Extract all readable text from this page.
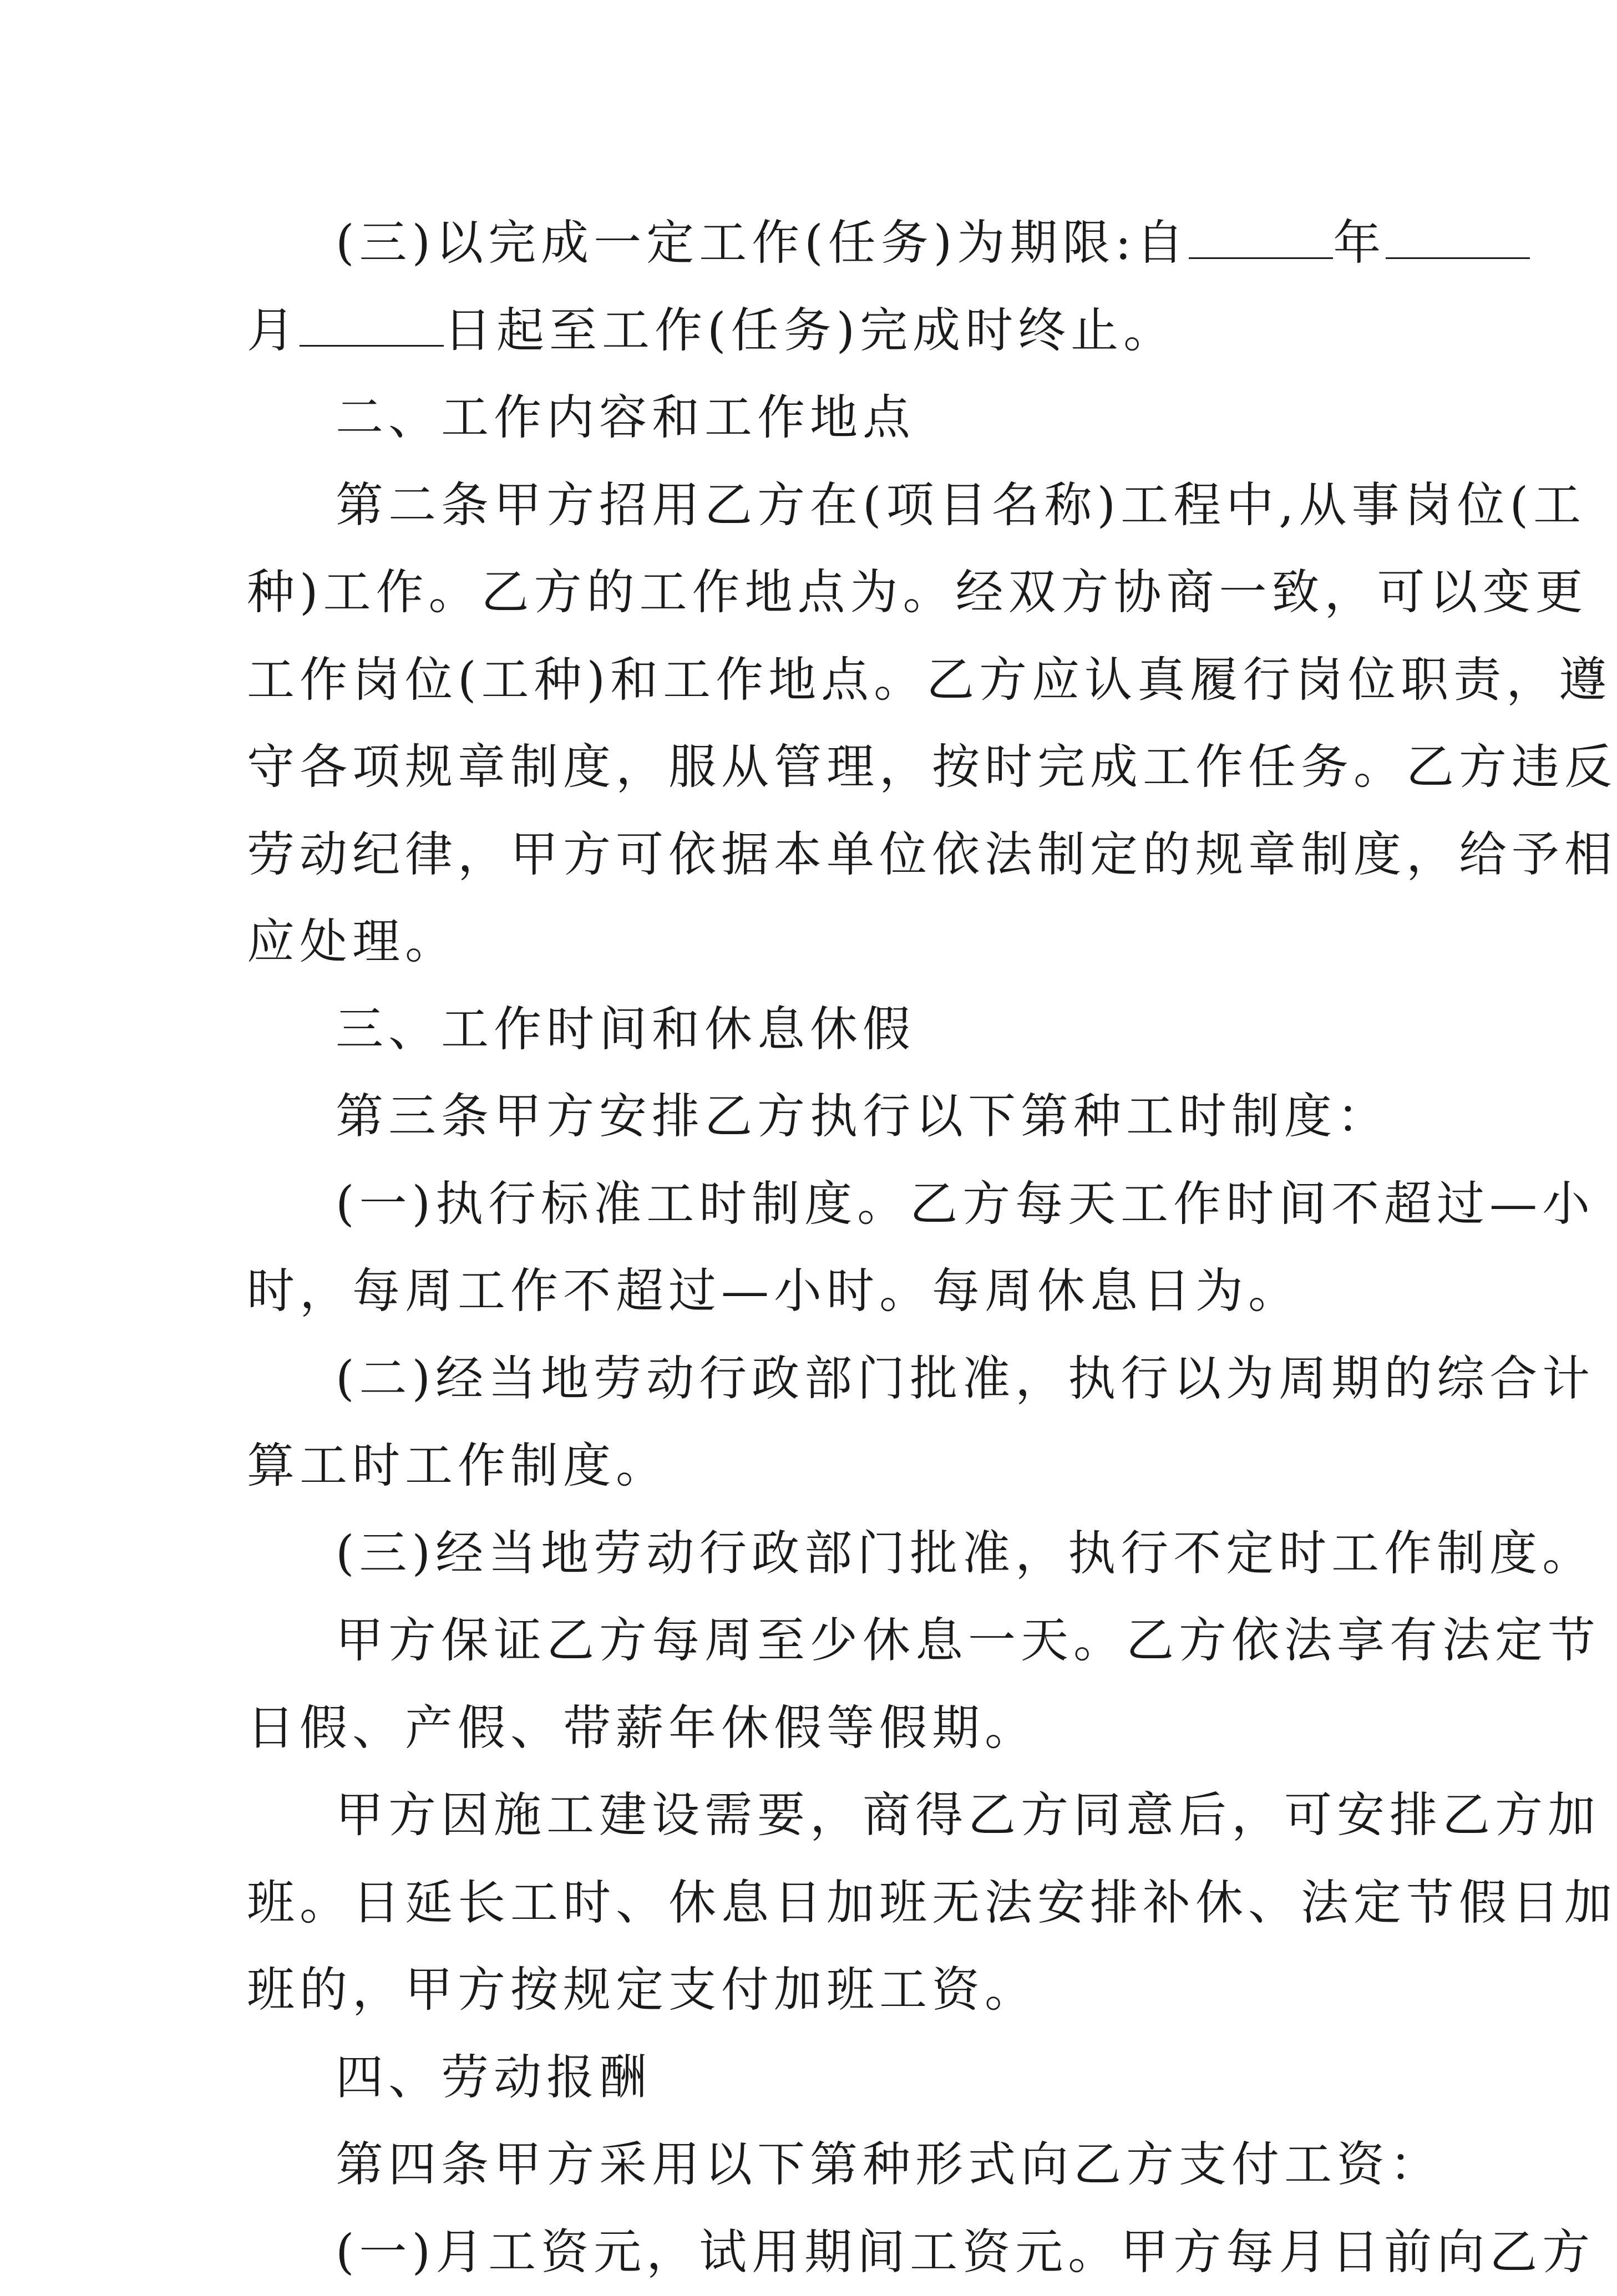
(三)以完成一定工作(任务)为期限:自	年
月	日起至工作(任务)完成时终止。
二、工作内容和工作地点
第二条甲方招用乙方在(项目名称)工程中,从事岗位(工
种)工作。乙方的工作地点为。经双方协商一致，可以变更
工作岗位(工种)和工作地点。乙方应认真履行岗位职责，遵
守各项规章制度，服从管理，按时完成工作任务。乙方违反
劳动纪律，甲方可依据本单位依法制定的规章制度，给予相
应处理。
三、工作时间和休息休假
第三条甲方安排乙方执行以下第种工时制度：
(一)执行标准工时制度。乙方每天工作时间不超过—小
时，每周工作不超过—小时。每周休息日为。
(二)经当地劳动行政部门批准，执行以为周期的综合计
算工时工作制度。
(三)经当地劳动行政部门批准，执行不定时工作制度。
甲方保证乙方每周至少休息一天。乙方依法享有法定节
日假、产假、带薪年休假等假期。
甲方因施工建设需要，商得乙方同意后，可安排乙方加
班。日延长工时、休息日加班无法安排补休、法定节假日加
班的，甲方按规定支付加班工资。
四、劳动报酬
第四条甲方采用以下第种形式向乙方支付工资：
(一)月工资元，试用期间工资元。甲方每月日前向乙方
